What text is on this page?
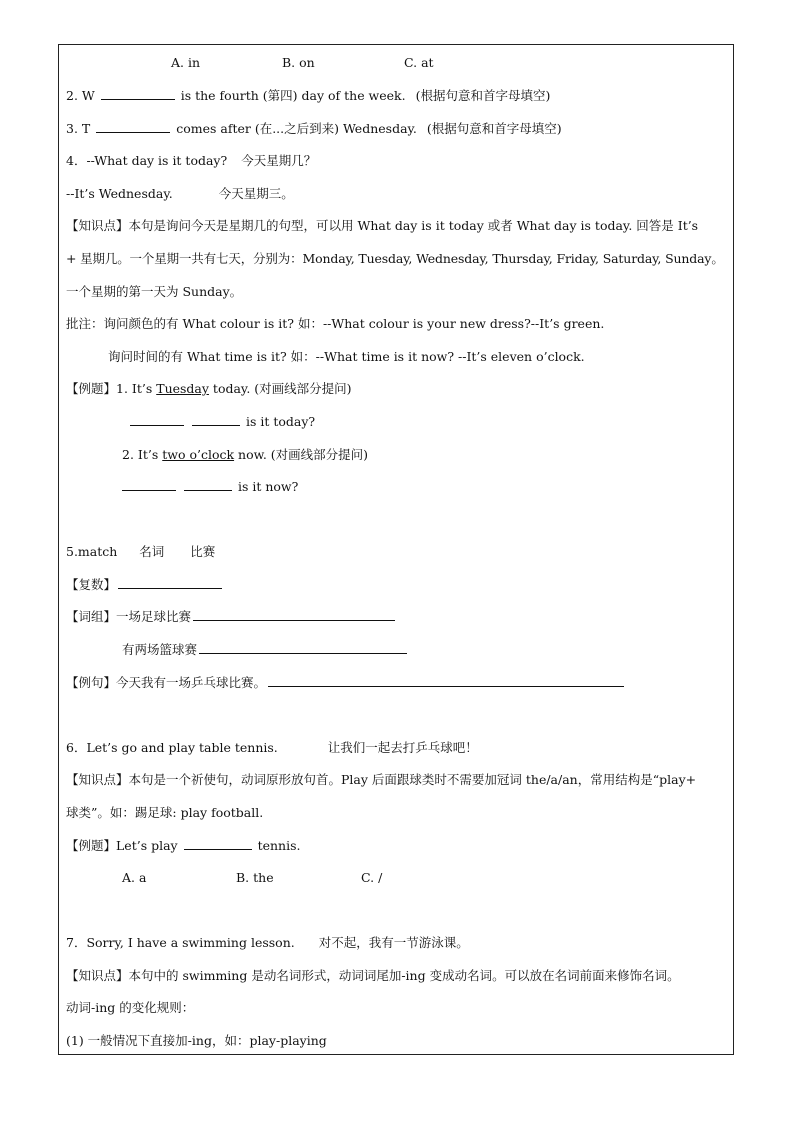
A. in	B. on	C. at
2. W	is the fourth (第四) day of the week. (根据句意和首字母填空)
3. T	comes after (在...之后到来) Wednesday. (根据句意和首字母填空)
4．--What day is it today? 今天星期几？
--It’s Wednesday.	今天星期三。
【知识点】本句是询问今天是星期几的句型，可以用 What day is it today 或者 What day is today. 回答是 It’s
+ 星期几。一个星期一共有七天，分别为：Monday, Tuesday, Wednesday, Thursday, Friday, Saturday, Sunday。
一个星期的第一天为 Sunday。
批注：询问颜色的有 What colour is it? 如：--What colour is your new dress?--It’s green.
询问时间的有 What time is it? 如：--What time is it now? --It’s eleven o’clock.
【例题】1. It’s Tuesday today. (对画线部分提问)
is it today?
2. It’s two o’clock now. (对画线部分提问)
is it now?
5.match 名词 比赛
【复数】
【词组】一场足球比赛
有两场篮球赛
【例句】今天我有一场乒乓球比赛。
6．Let’s go and play table tennis.	让我们一起去打乒乓球吧！
【知识点】本句是一个祈使句，动词原形放句首。Play 后面跟球类时不需要加冠词 the/a/an，常用结构是“play+
球类”。如：踢足球: play football.
【例题】Let’s play	tennis.
A. a	B. the	C. /
7．Sorry, I have a swimming lesson. 对不起，我有一节游泳课。
【知识点】本句中的 swimming 是动名词形式，动词词尾加-ing 变成动名词。可以放在名词前面来修饰名词。
动词-ing 的变化规则：
(1) 一般情况下直接加-ing，如：play-playing
